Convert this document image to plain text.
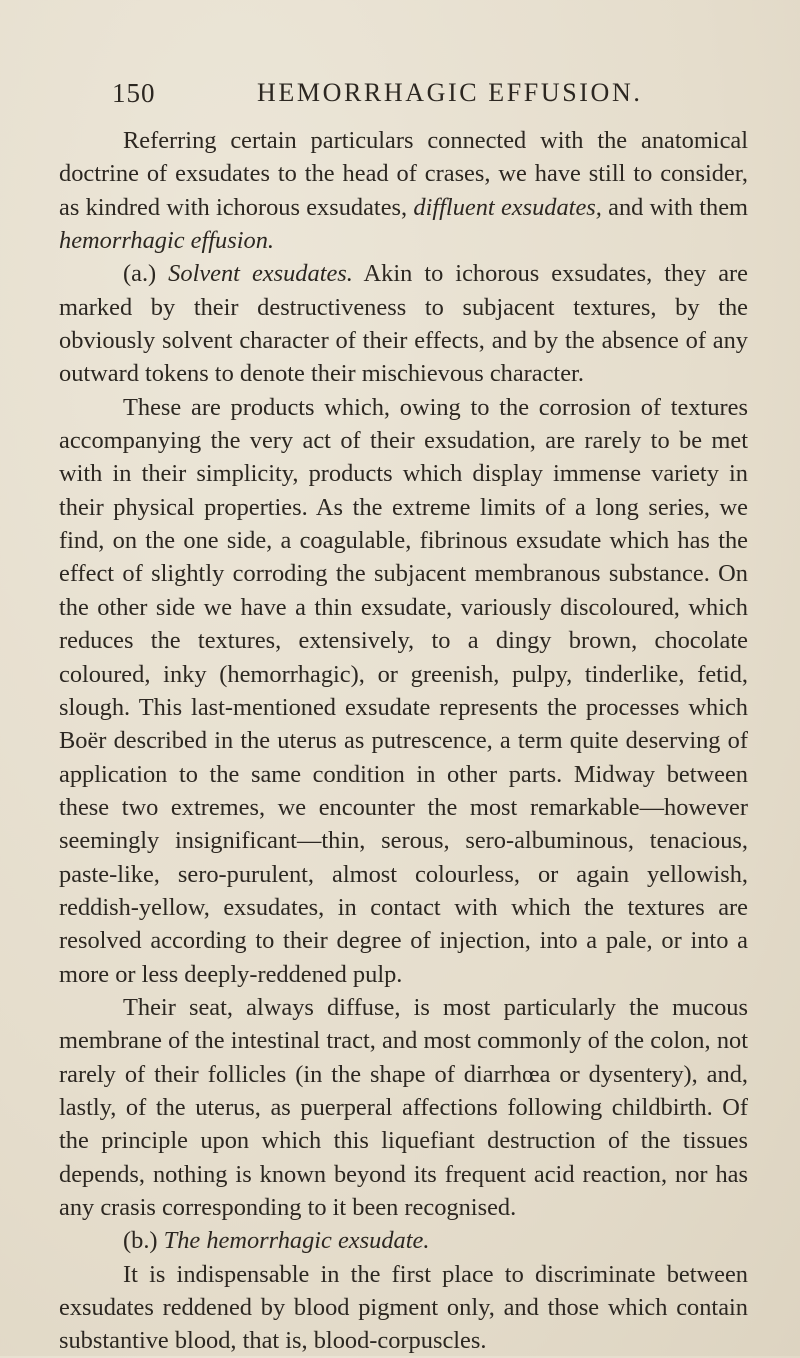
150	HEMORRHAGIC EFFUSION.

Referring certain particulars connected with the anatomical doctrine of exsudates to the head of crases, we have still to consider, as kindred with ichorous exsudates, diffluent exsudates, and with them hemorrhagic effusion.

(a.) Solvent exsudates. Akin to ichorous exsudates, they are marked by their destructiveness to subjacent textures, by the obviously solvent character of their effects, and by the absence of any outward tokens to denote their mischievous character.

These are products which, owing to the corrosion of textures accompanying the very act of their exsudation, are rarely to be met with in their simplicity, products which display immense variety in their physical properties. As the extreme limits of a long series, we find, on the one side, a coagulable, fibrinous exsudate which has the effect of slightly corroding the subjacent membranous substance. On the other side we have a thin exsudate, variously discoloured, which reduces the textures, extensively, to a dingy brown, chocolate coloured, inky (hemorrhagic), or greenish, pulpy, tinderlike, fetid, slough. This last-mentioned exsudate represents the processes which Boër described in the uterus as putrescence, a term quite deserving of application to the same condition in other parts. Midway between these two extremes, we encounter the most remarkable—however seemingly insignificant—thin, serous, sero-albuminous, tenacious, paste-like, sero-purulent, almost colourless, or again yellowish, reddish-yellow, exsudates, in contact with which the textures are resolved according to their degree of injection, into a pale, or into a more or less deeply-reddened pulp.

Their seat, always diffuse, is most particularly the mucous membrane of the intestinal tract, and most commonly of the colon, not rarely of their follicles (in the shape of diarrhœa or dysentery), and, lastly, of the uterus, as puerperal affections following childbirth. Of the principle upon which this liquefiant destruction of the tissues depends, nothing is known beyond its frequent acid reaction, nor has any crasis corresponding to it been recognised.

(b.) The hemorrhagic exsudate.

It is indispensable in the first place to discriminate between exsudates reddened by blood pigment only, and those which contain substantive blood, that is, blood-corpuscles.
